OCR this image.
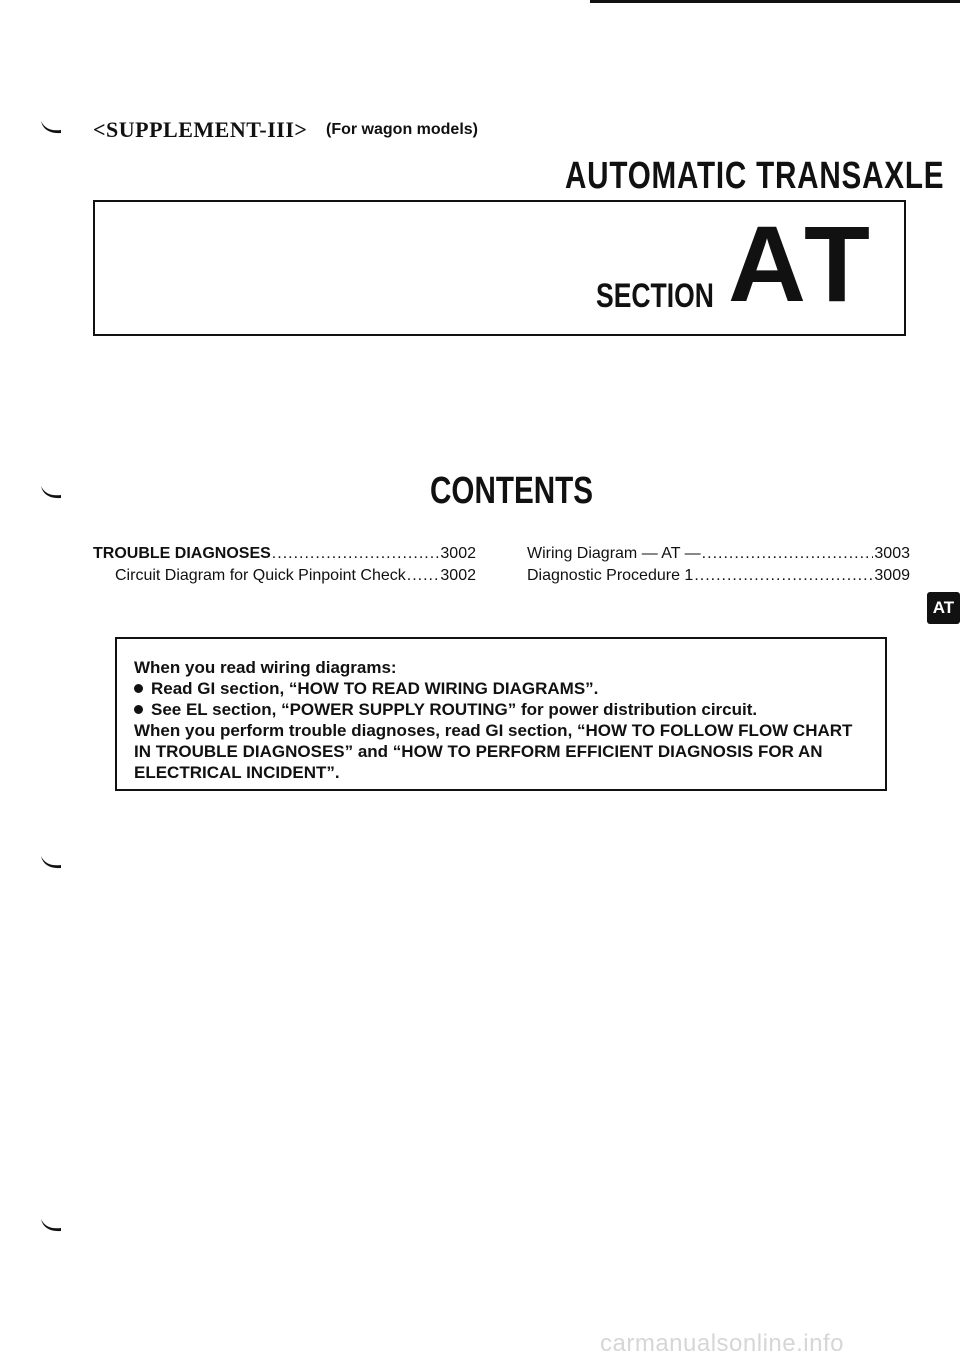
<SUPPLEMENT-III> (For wagon models)
AUTOMATIC TRANSAXLE
SECTION AT
CONTENTS
TROUBLE DIAGNOSES .....	3002
Circuit Diagram for Quick Pinpoint Check ..... 3002
Wiring Diagram — AT — .....	3003
Diagnostic Procedure 1 .....	3009
AT
When you read wiring diagrams:
Read GI section, “HOW TO READ WIRING DIAGRAMS”.
See EL section, “POWER SUPPLY ROUTING” for power distribution circuit.
When you perform trouble diagnoses, read GI section, “HOW TO FOLLOW FLOW CHART
IN TROUBLE DIAGNOSES” and “HOW TO PERFORM EFFICIENT DIAGNOSIS FOR AN
ELECTRICAL INCIDENT”.
carmanualsonline.info
